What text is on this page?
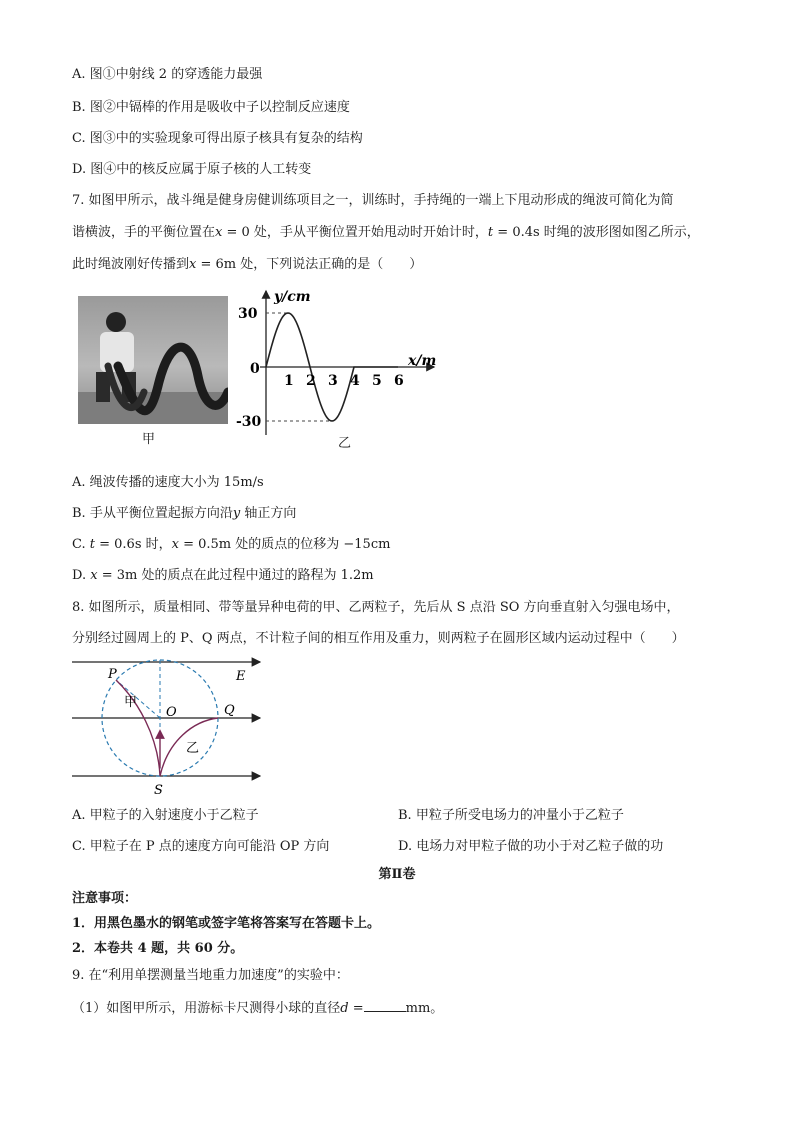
A. 图①中射线 2 的穿透能力最强
B. 图②中镉棒的作用是吸收中子以控制反应速度
C. 图③中的实验现象可得出原子核具有复杂的结构
D. 图④中的核反应属于原子核的人工转变
7. 如图甲所示，战斗绳是健身房健训练项目之一，训练时，手持绳的一端上下甩动形成的绳波可简化为简
谐横波，手的平衡位置在x = 0 处，手从平衡位置开始甩动时开始计时，t = 0.4s 时绳的波形图如图乙所示，
此时绳波刚好传播到x = 6m 处，下列说法正确的是（　　）
甲
1 2 3 4 5 6
30
-30
0
y/cm
x/m
乙
A. 绳波传播的速度大小为 15m/s
B. 手从平衡位置起振方向沿y 轴正方向
C. t = 0.6s 时，x = 0.5m 处的质点的位移为 −15cm
D. x = 3m 处的质点在此过程中通过的路程为 1.2m
8. 如图所示，质量相同、带等量异种电荷的甲、乙两粒子，先后从 S 点沿 SO 方向垂直射入匀强电场中，
分别经过圆周上的 P、Q 两点，不计粒子间的相互作用及重力，则两粒子在圆形区域内运动过程中（　　）
P	E
O	Q
S
甲
乙
A. 甲粒子的入射速度小于乙粒子	B. 甲粒子所受电场力的冲量小于乙粒子
C. 甲粒子在 P 点的速度方向可能沿 OP 方向	D. 电场力对甲粒子做的功小于对乙粒子做的功
第Ⅱ卷
注意事项：
1．用黑色墨水的钢笔或签字笔将答案写在答题卡上。
2．本卷共 4 题，共 60 分。
9. 在“利用单摆测量当地重力加速度”的实验中：
（1）如图甲所示，用游标卡尺测得小球的直径d =	mm。
